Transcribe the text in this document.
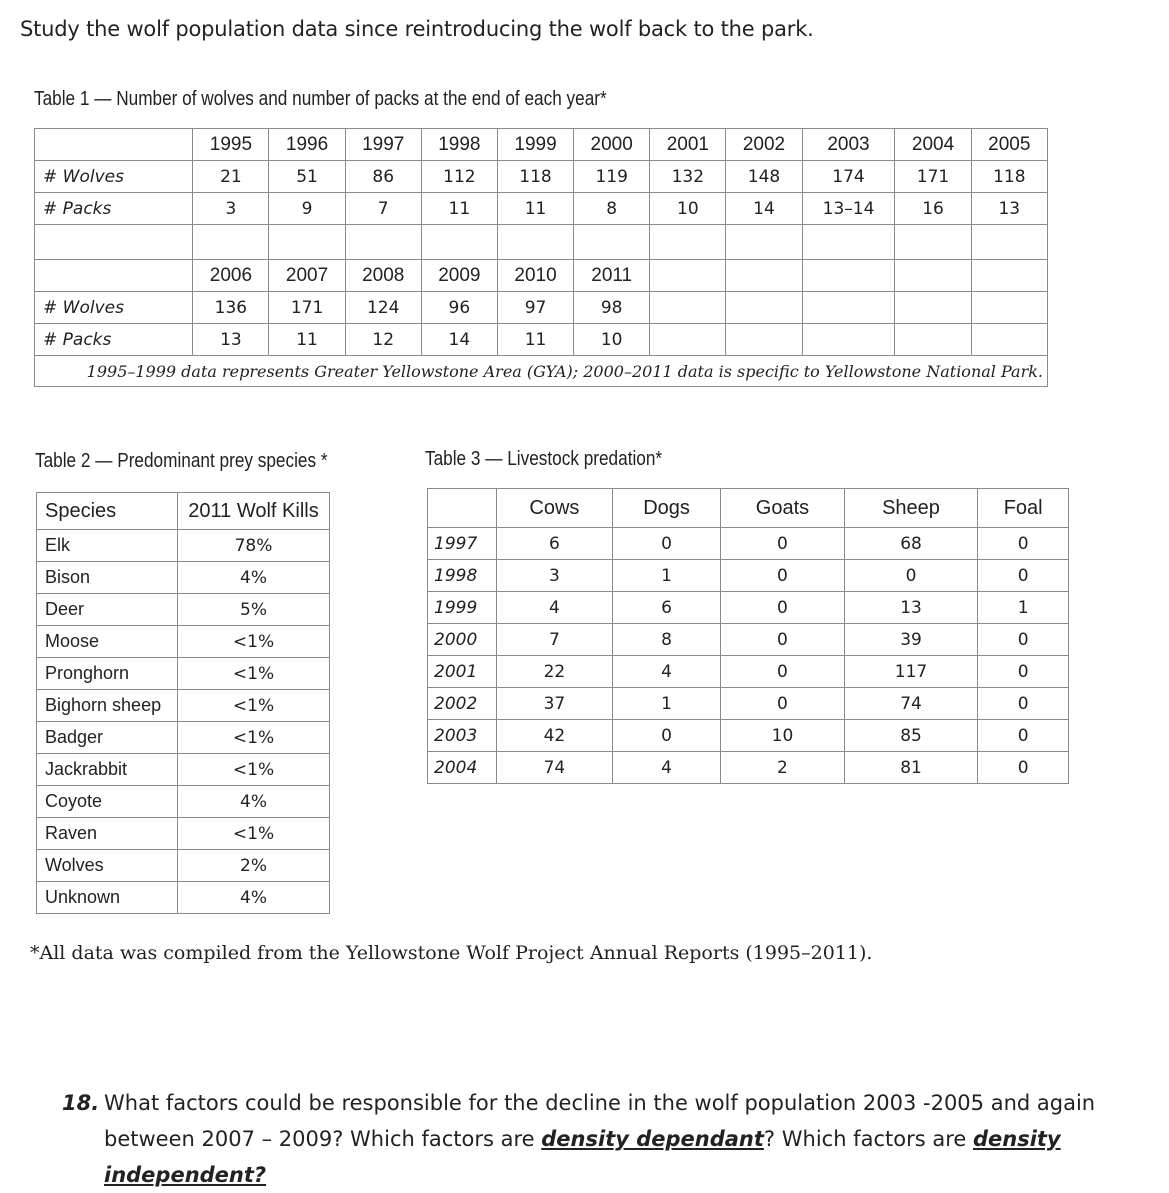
Study the wolf population data since reintroducing the wolf back to the park.
Table 1 — Number of wolves and number of packs at the end of each year*
	1995	1996	1997	1998	1999	2000	2001	2002	2003	2004	2005
# Wolves	21	51	86	112	118	119	132	148	174	171	118
# Packs	3	9	7	11	11	8	10	14	13–14	16	13

	2006	2007	2008	2009	2010	2011					
# Wolves	136	171	124	96	97	98					
# Packs	13	11	12	14	11	10					
1995–1999 data represents Greater Yellowstone Area (GYA); 2000–2011 data is specific to Yellowstone National Park.											
Table 2 — Predominant prey species *	Table 3 — Livestock predation*
Species	2011 Wolf Kills
Elk	78%
Bison	4%
Deer	5%
Moose	<1%
Pronghorn	<1%
Bighorn sheep	<1%
Badger	<1%
Jackrabbit	<1%
Coyote	4%
Raven	<1%
Wolves	2%
Unknown	4%
	Cows	Dogs	Goats	Sheep	Foal
1997	6	0	0	68	0
1998	3	1	0	0	0
1999	4	6	0	13	1
2000	7	8	0	39	0
2001	22	4	0	117	0
2002	37	1	0	74	0
2003	42	0	10	85	0
2004	74	4	2	81	0
*All data was compiled from the Yellowstone Wolf Project Annual Reports (1995–2011).
18. What factors could be responsible for the decline in the wolf population 2003 -2005 and again
between 2007 – 2009? Which factors are density dependant? Which factors are density
independent?
